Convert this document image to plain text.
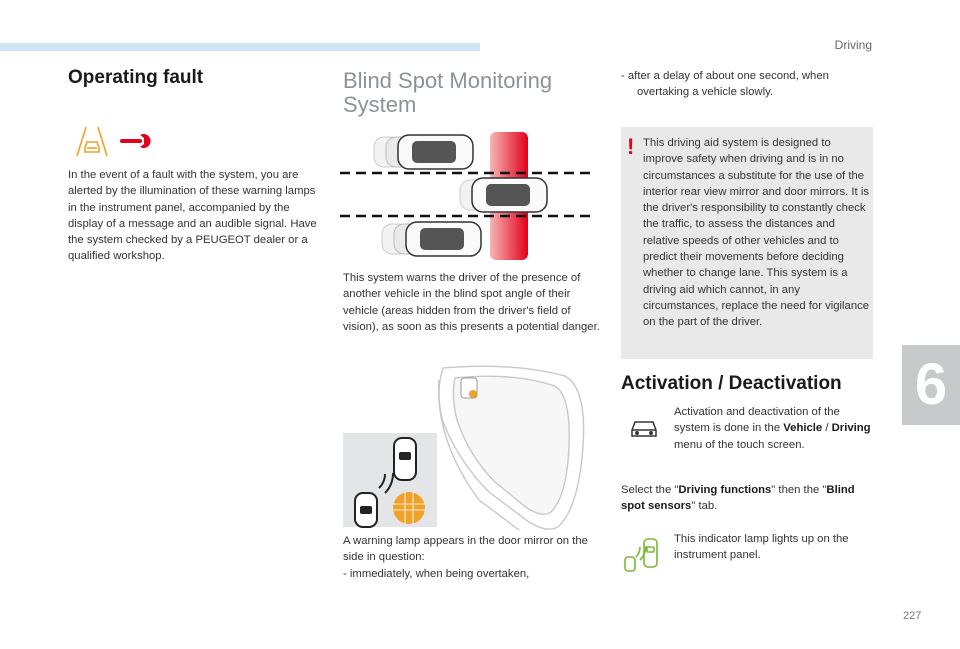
Driving
6
227
Operating fault
In the event of a fault with the system, you are alerted by the illumination of these warning lamps in the instrument panel, accompanied by the display of a message and an audible signal. Have the system checked by a PEUGEOT dealer or a qualified workshop.
Blind Spot Monitoring
System
This system warns the driver of the presence of another vehicle in the blind spot angle of their vehicle (areas hidden from the driver's field of vision), as soon as this presents a potential danger.
A warning lamp appears in the door mirror on the side in question:
- immediately, when being overtaken,
- after a delay of about one second, when
overtaking a vehicle slowly.
! This driving aid system is designed to improve safety when driving and is in no circumstances a substitute for the use of the interior rear view mirror and door mirrors. It is the driver's responsibility to constantly check the traffic, to assess the distances and relative speeds of other vehicles and to predict their movements before deciding whether to change lane. This system is a driving aid which cannot, in any circumstances, replace the need for vigilance on the part of the driver.
Activation / Deactivation
Activation and deactivation of the system is done in the Vehicle / Driving menu of the touch screen.
Select the "Driving functions" then the "Blind spot sensors" tab.
This indicator lamp lights up on the instrument panel.
